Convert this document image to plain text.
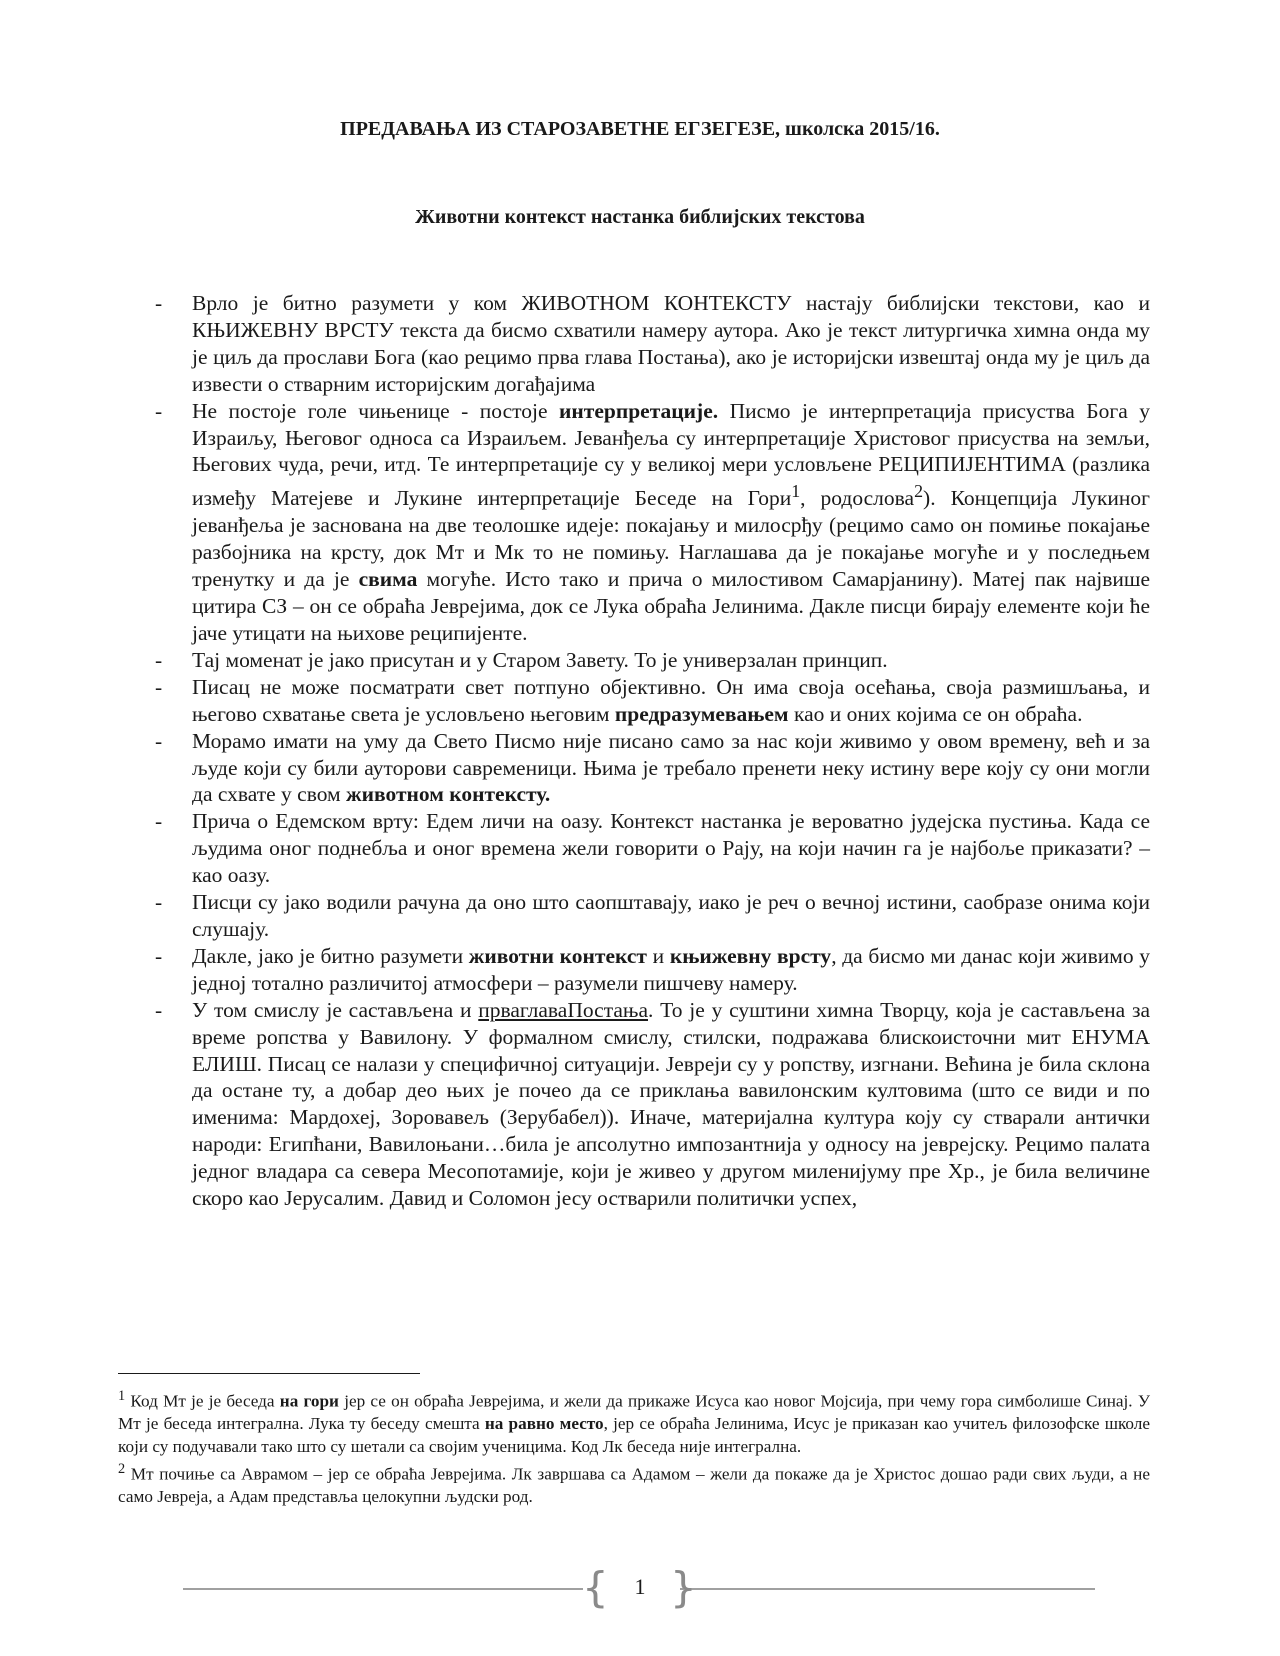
ПРЕДАВАЊА ИЗ СТАРОЗАВЕТНЕ ЕГЗЕГЕЗЕ, школска 2015/16.
Животни контекст настанка библијских текстова
- Врло је битно разумети у ком ЖИВОТНОМ КОНТЕКСТУ настају библијски текстови, као и КЊИЖЕВНУ ВРСТУ текста да бисмо схватили намеру аутора. Ако је текст литургичка химна онда му је циљ да прослави Бога (као рецимо прва глава Постања), ако је историјски извештај онда му је циљ да извести о стварним историјским догађајима
- Не постоје голе чињенице - постоје интерпретације. Писмо је интерпретација присуства Бога у Израиљу, Његовог односа са Израиљем. Јеванђеља су интерпретације Христовог присуства на земљи, Његових чуда, речи, итд. Те интерпретације су у великој мери условљене РЕЦИПИЈЕНТИМА (разлика између Матејеве и Лукине интерпретације Беседе на Гори$^1$, родослова$^2$). Концепција Лукиног јеванђеља је заснована на две теолошке идеје: покајању и милосрђу (рецимо само он помиње покајање разбојника на крсту, док Мт и Мк то не помињу. Наглашава да је покајање могуће и у последњем тренутку и да је свима могуће. Исто тако и прича о милостивом Самарјанину). Матеј пак највише цитира СЗ – он се обраћа Јеврејима, док се Лука обраћа Јелинима. Дакле писци бирају елементе који ће јаче утицати на њихове реципијенте.
- Тај моменат је јако присутан и у Старом Завету. То је универзалан принцип.
- Писац не може посматрати свет потпуно објективно. Он има своја осећања, своја размишљања, и његово схватање света је условљено његовим предразумевањем као и оних којима се он обраћа.
- Морамо имати на уму да Свето Писмо није писано само за нас који живимо у овом времену, већ и за људе који су били ауторови савременици. Њима је требало пренети неку истину вере коју су они могли да схвате у свом животном контексту.
- Прича о Едемском врту: Едем личи на оазу. Контекст настанка је вероватно јудејска пустиња. Када се људима оног поднебља и оног времена жели говорити о Рају, на који начин га је најбоље приказати? – као оазу.
- Писци су јако водили рачуна да оно што саопштавају, иако је реч о вечној истини, саобразе онима који слушају.
- Дакле, јако је битно разумети животни контекст и књижевну врсту, да бисмо ми данас који живимо у једној тотално различитој атмосфери – разумели пишчеву намеру.
- У том смислу је састављена и прваглаваПостања. То је у суштини химна Творцу, која је састављена за време ропства у Вавилону. У формалном смислу, стилски, подражава блискоисточни мит ЕНУМА ЕЛИШ. Писац се налази у специфичној ситуацији. Јевреји су у ропству, изгнани. Већина је била склона да остане ту, а добар део њих је почео да се приклања вавилонским култовима (што се види и по именима: Мардохеј, Зоровавељ (Зерубабел)). Иначе, материјална култура коју су стварали антички народи: Египћани, Вавилоњани…била је апсолутно импозантнија у односу на јеврејску. Рецимо палата једног владара са севера Месопотамије, који је живео у другом миленијуму пре Хр., је била величине скоро као Јерусалим. Давид и Соломон јесу остварили политички успех,

$^1$ Код Мт је је беседа на гори јер се он обраћа Јеврејима, и жели да прикаже Исуса као новог Мојсија, при чему гора симболише Синај. У Мт је беседа интегрална. Лука ту беседу смешта на равно место, јер се обраћа Јелинима, Исус је приказан као учитељ филозофске школе који су подучавали тако што су шетали са својим ученицима. Код Лк беседа није интегрална.

$^2$ Мт почиње са Аврамом – јер се обраћа Јеврејима. Лк завршава са Адамом – жели да покаже да је Христос дошао ради свих људи, а не само Јевреја, а Адам представља целокупни људски род.

{	1 }
